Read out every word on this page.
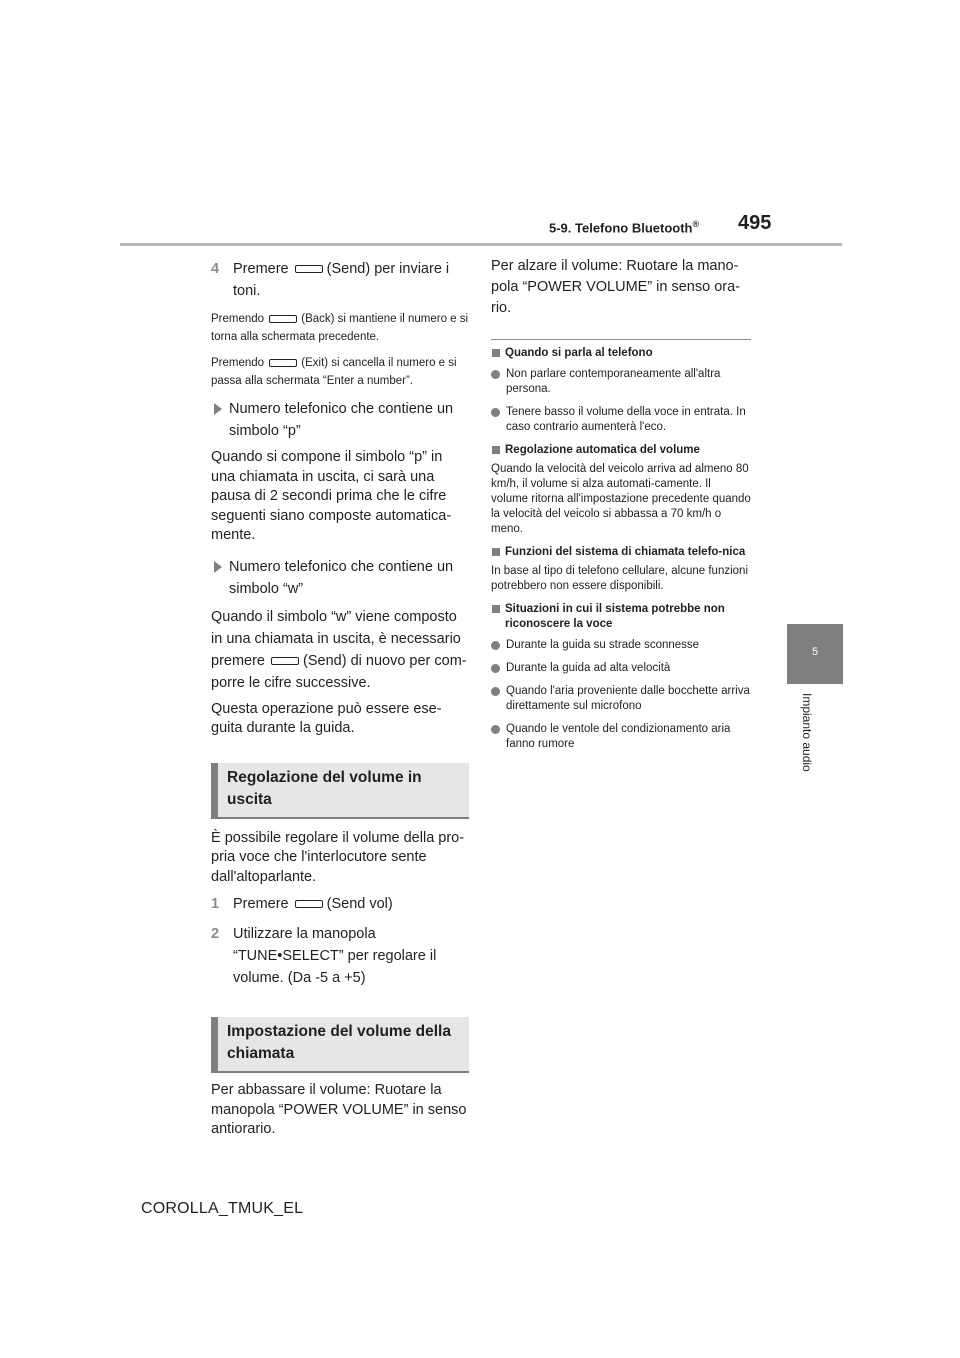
5-9. Telefono Bluetooth® 495
5
Impianto audio
4 Premere	(Send) per inviare i toni.
Premendo	(Back) si mantiene il numero e si torna alla schermata precedente.
Premendo	(Exit) si cancella il numero e si passa alla schermata “Enter a number”.
Numero telefonico che contiene un simbolo “p”

Quando si compone il simbolo “p” in una chiamata in uscita, ci sarà una pausa di 2 secondi prima che le cifre seguenti siano composte automatica-mente.

Numero telefonico che contiene un simbolo “w”

Quando il simbolo “w” viene composto in una chiamata in uscita, è necessario premere	(Send) di nuovo per com-porre le cifre successive.

Questa operazione può essere ese-guita durante la guida.

Regolazione del volume in uscita

È possibile regolare il volume della pro-pria voce che l'interlocutore sente dall'altoparlante.

1 Premere	(Send vol)
2 Utilizzare la manopola “TUNE•SELECT” per regolare il volume. (Da -5 a +5)
Impostazione del volume della chiamata

Per abbassare il volume: Ruotare la manopola “POWER VOLUME” in senso antiorario.

Per alzare il volume: Ruotare la mano-pola “POWER VOLUME” in senso ora-rio.

Quando si parla al telefono
Non parlare contemporaneamente all'altra persona.
Tenere basso il volume della voce in entrata. In caso contrario aumenterà l'eco.
Regolazione automatica del volume

Quando la velocità del veicolo arriva ad almeno 80 km/h, il volume si alza automati-camente. Il volume ritorna all'impostazione precedente quando la velocità del veicolo si abbassa a 70 km/h o meno.

Funzioni del sistema di chiamata telefo-nica

In base al tipo di telefono cellulare, alcune funzioni potrebbero non essere disponibili.

Situazioni in cui il sistema potrebbe non riconoscere la voce
Durante la guida su strade sconnesse
Durante la guida ad alta velocità
Quando l'aria proveniente dalle bocchette arriva direttamente sul microfono
Quando le ventole del condizionamento aria fanno rumore
COROLLA_TMUK_EL
